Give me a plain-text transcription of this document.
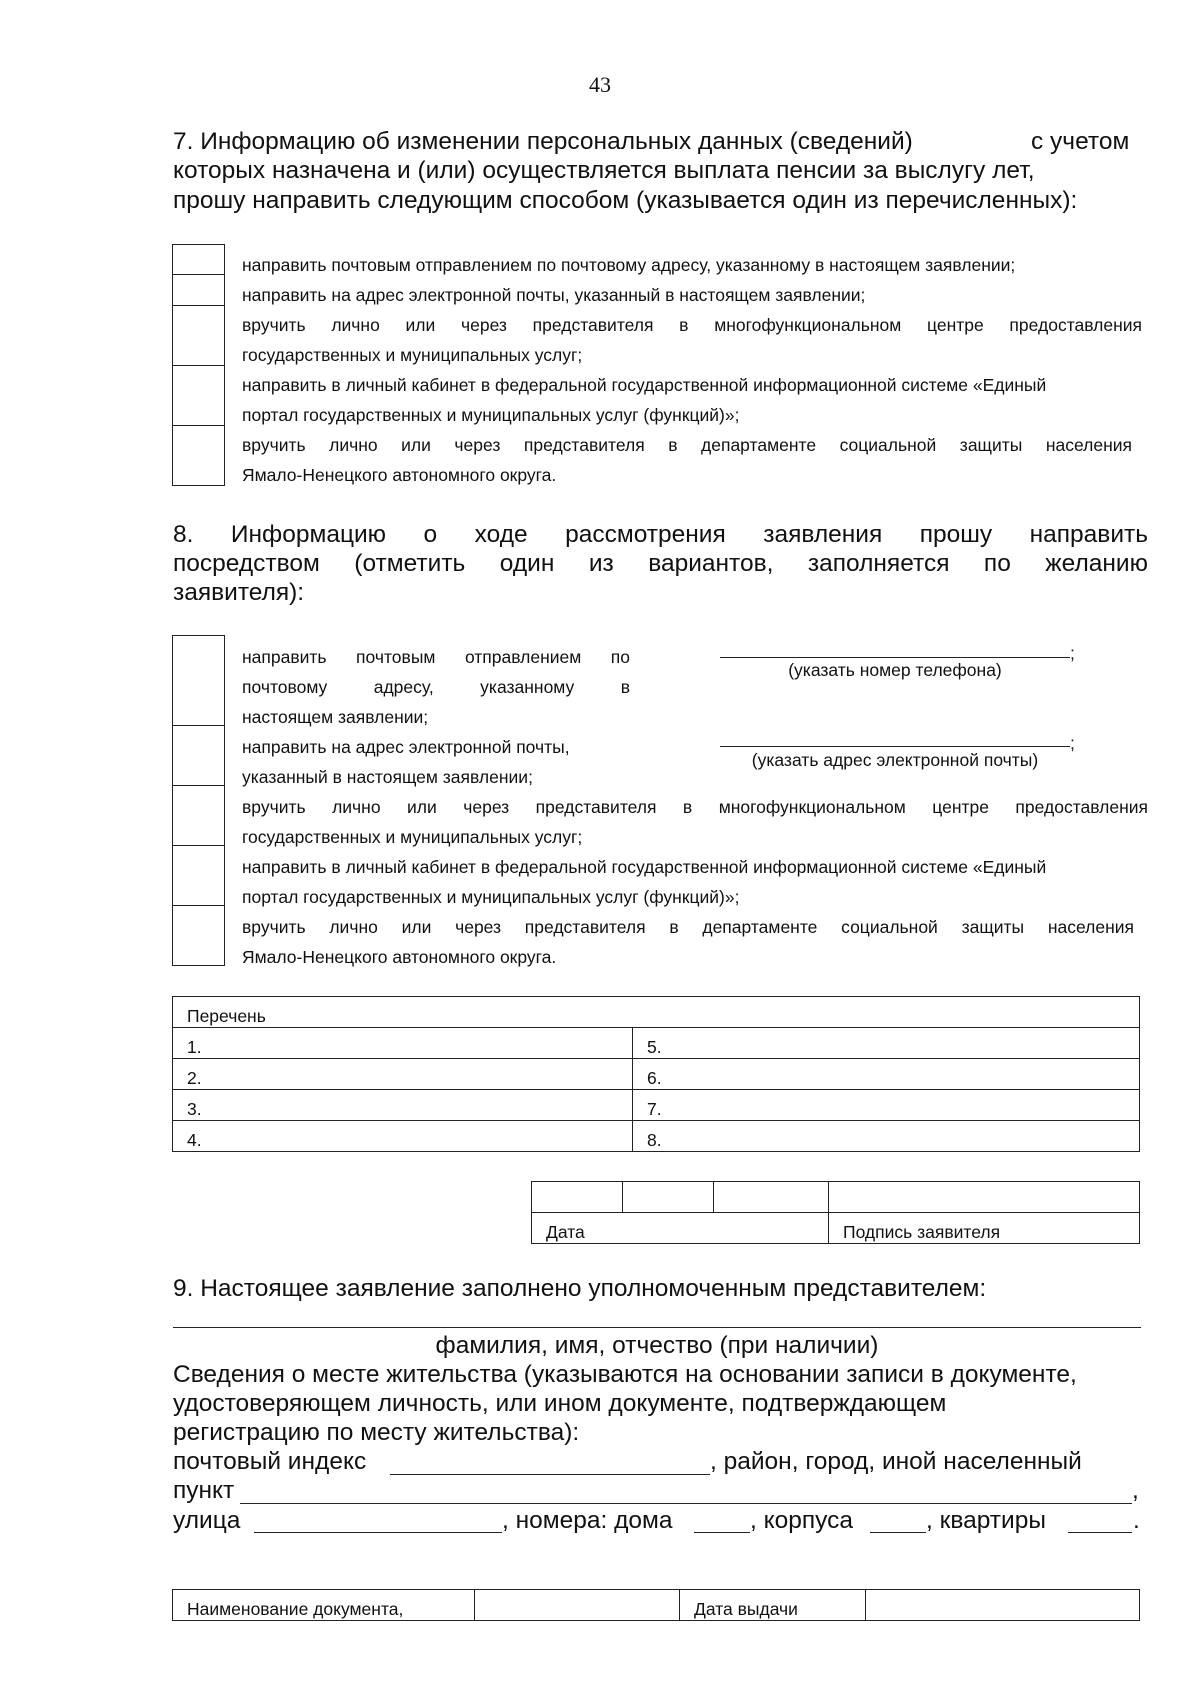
43
7. Информацию об изменении персональных данных (сведений)	с учетом
которых назначена и (или) осуществляется выплата пенсии за выслугу лет,
прошу направить следующим способом (указывается один из перечисленных):
направить почтовым отправлением по почтовому адресу, указанному в настоящем заявлении;
направить на адрес электронной почты, указанный в настоящем заявлении;
вручить лично или через представителя в многофункциональном центре предоставления
государственных и муниципальных услуг;
направить в личный кабинет в федеральной государственной информационной системе «Единый
портал государственных и муниципальных услуг (функций)»;
вручить лично или через представителя в департаменте социальной защиты населения
Ямало-Ненецкого автономного округа.
8. Информацию о ходе рассмотрения заявления прошу направить
посредством (отметить один из вариантов, заполняется по желанию
заявителя):
направить почтовым отправлением по
почтовому адресу, указанному в
настоящем заявлении;
;
(указать номер телефона)
направить на адрес электронной почты,
указанный в настоящем заявлении;
;
(указать адрес электронной почты)
вручить лично или через представителя в многофункциональном центре предоставления
государственных и муниципальных услуг;
направить в личный кабинет в федеральной государственной информационной системе «Единый
портал государственных и муниципальных услуг (функций)»;
вручить лично или через представителя в департаменте социальной защиты населения
Ямало-Ненецкого автономного округа.
Перечень	
1.	5.
2.	6.
3.	7.
4.	8.

Дата			Подпись заявителя
9. Настоящее заявление заполнено уполномоченным представителем:
фамилия, имя, отчество (при наличии)
Сведения о месте жительства (указываются на основании записи в документе,
удостоверяющем личность, или ином документе, подтверждающем
регистрацию по месту жительства):
почтовый индекс	, район, город, иной населенный
пункт	,
улица	, номера: дома	, корпуса	, квартиры	.
Наименование документа,		Дата выдачи	
